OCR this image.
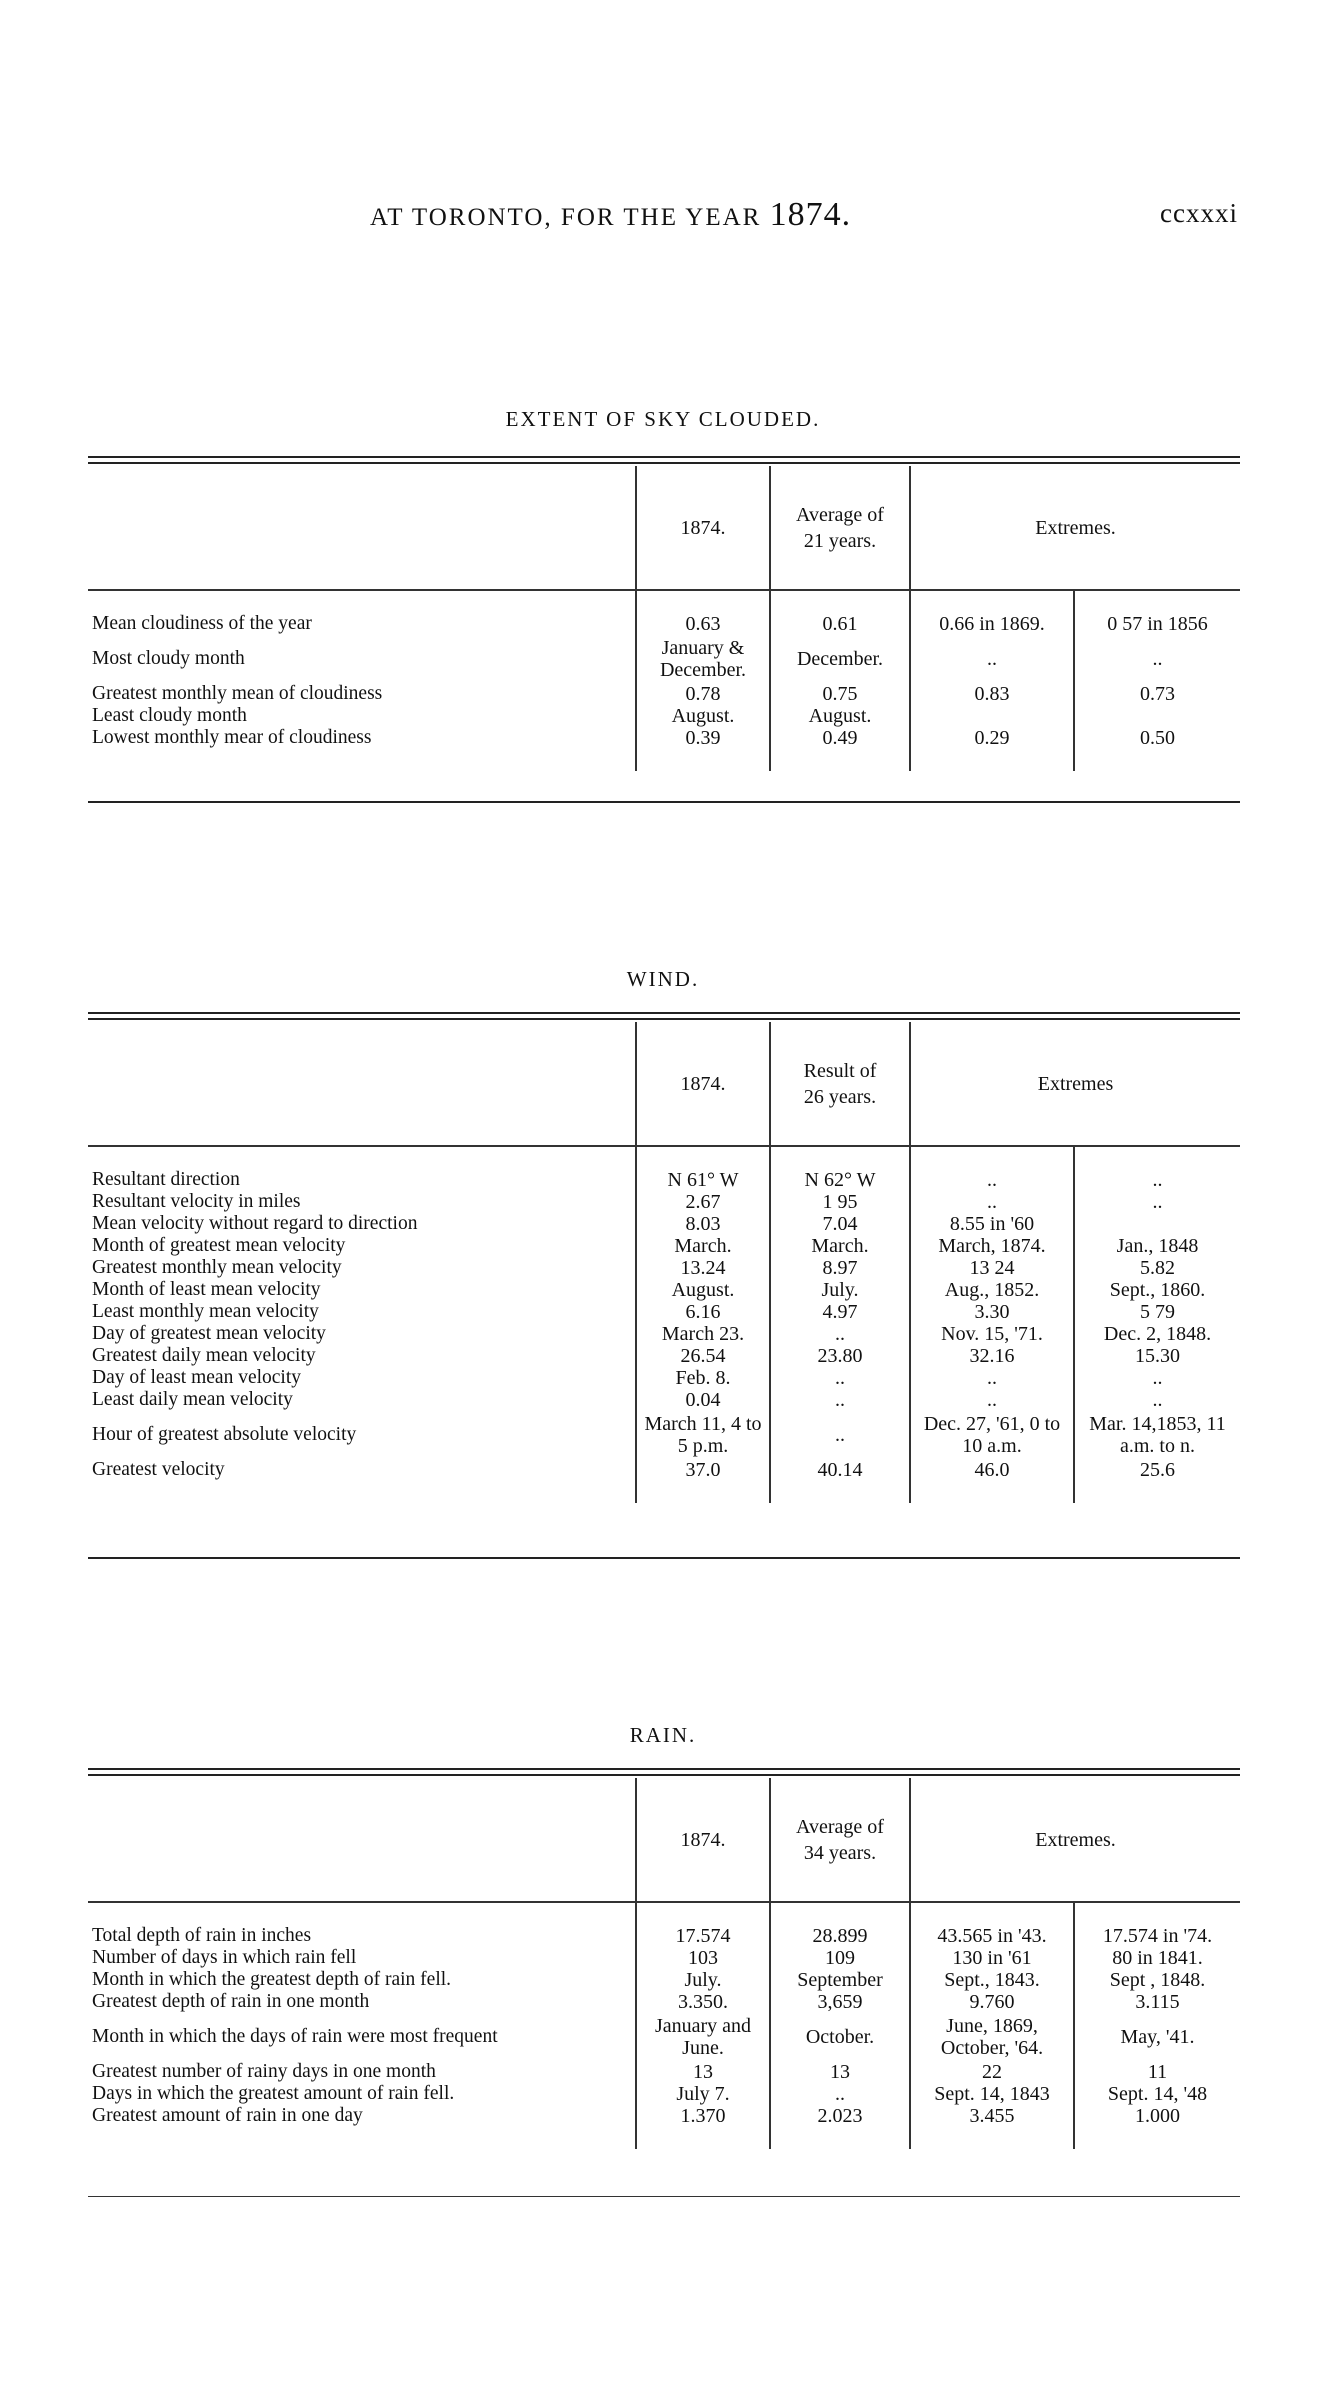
AT TORONTO, FOR THE YEAR 1874.	ccxxxi
EXTENT OF SKY CLOUDED.
	1874.	Average of 21 years.	Extremes.	

Mean cloudiness of the year	0.63	0.61	0.66 in 1869.	0 57 in 1856
Most cloudy month	January & December.	December.	..	..
Greatest monthly mean of cloudiness	0.78	0.75	0.83	0.73
Least cloudy month	August.	August.		
Lowest monthly mear of cloudiness	0.39	0.49	0.29	0.50

WIND.
	1874.	Result of 26 years.	Extremes	

Resultant direction	N 61° W	N 62° W	..	..
Resultant velocity in miles	2.67	1 95	..	..
Mean velocity without regard to direction	8.03	7.04	8.55 in '60	
Month of greatest mean velocity	March.	March.	March, 1874.	Jan., 1848
Greatest monthly mean velocity	13.24	8.97	13 24	5.82
Month of least mean velocity	August.	July.	Aug., 1852.	Sept., 1860.
Least monthly mean velocity	6.16	4.97	3.30	5 79
Day of greatest mean velocity	March 23.	..	Nov. 15, '71.	Dec. 2, 1848.
Greatest daily mean velocity	26.54	23.80	32.16	15.30
Day of least mean velocity	Feb. 8.	..	..	..
Least daily mean velocity	0.04	..	..	..
Hour of greatest absolute velocity	March 11, 4 to 5 p.m.	..	Dec. 27, '61, 0 to 10 a.m.	Mar. 14,1853, 11 a.m. to n.
Greatest velocity	37.0	40.14	46.0	25.6

RAIN.
	1874.	Average of 34 years.	Extremes.	

Total depth of rain in inches	17.574	28.899	43.565 in '43.	17.574 in '74.
Number of days in which rain fell	103	109	130 in '61	80 in 1841.
Month in which the greatest depth of rain fell.	July.	September	Sept., 1843.	Sept , 1848.
Greatest depth of rain in one month	3.350.	3,659	9.760	3.115
Month in which the days of rain were most frequent	January and June.	October.	June, 1869, October, '64.	May, '41.
Greatest number of rainy days in one month	13	13	22	11
Days in which the greatest amount of rain fell.	July 7.	..	Sept. 14, 1843	Sept. 14, '48
Greatest amount of rain in one day	1.370	2.023	3.455	1.000
